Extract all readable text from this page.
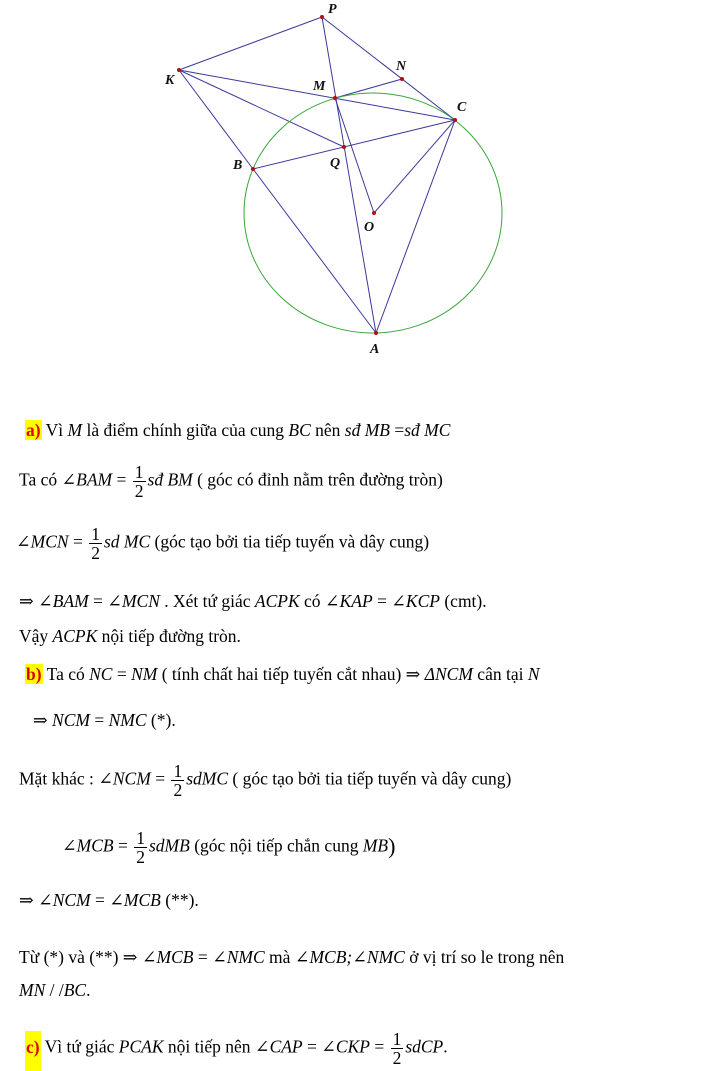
P
K
N
M
C
Q
B
O
A
a) Vì M là điểm chính giữa của cung BC nên sđ MB =sđ MC
Ta có ∠BAM = $\frac{1}{2}$ sđ BM ( góc có đỉnh nằm trên đường tròn)
∠MCN = $\frac{1}{2}$ sd MC (góc tạo bởi tia tiếp tuyến và dây cung)
⇒ ∠BAM = ∠MCN . Xét tứ giác ACPK có ∠KAP = ∠KCP (cmt).
Vậy ACPK nội tiếp đường tròn.
b) Ta có NC = NM ( tính chất hai tiếp tuyến cắt nhau) ⇒ ΔNCM cân tại N
⇒ NCM = NMC (*).
Mặt khác : ∠NCM = $\frac{1}{2}$ sdMC ( góc tạo bởi tia tiếp tuyến và dây cung)
∠MCB = $\frac{1}{2}$ sdMB (góc nội tiếp chắn cung MB)
⇒ ∠NCM = ∠MCB (**).
Từ (*) và (**) ⇒ ∠MCB = ∠NMC mà ∠MCB;∠NMC ở vị trí so le trong nên
MN / /BC.
c) Vì tứ giác PCAK nội tiếp nên ∠CAP = ∠CKP = $\frac{1}{2}$ sdCP.
